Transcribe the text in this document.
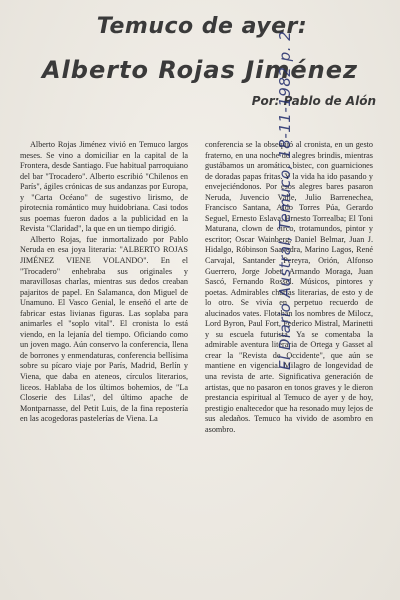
Temuco de ayer:
Alberto Rojas Jiménez
Por: Pablo de Alón

Alberto Rojas Jiménez vivió en Temuco largos meses. Se vino a domiciliar en la capital de la Frontera, desde Santiago. Fue habitual parroquiano del bar "Trocadero". Alberto escribió "Chilenos en París", ágiles crónicas de sus andanzas por Europa, y "Carta Océano" de sugestivo lirismo, de pirotecnia romántico muy huidobriana. Casi todos sus poemas fueron dados a la publicidad en la Revista "Claridad", la que en un tiempo dirigió.

Alberto Rojas, fue inmortalizado por Pablo Neruda en esa joya literaria: "ALBERTO ROJAS JIMÉNEZ VIENE VOLANDO". En el "Trocadero" enhebraba sus originales y maravillosas charlas, mientras sus dedos creaban pajaritos de papel. En Salamanca, don Miguel de Unamuno. El Vasco Genial, le enseñó el arte de fabricar estas livianas figuras. Las soplaba para animarles el "soplo vital". El cronista lo está viendo, en la lejanía del tiempo. Oficiando como un joven mago. Aún conservo la conferencia, llena de borrones y enmendaturas, conferencia bellísima sobre su pícaro viaje por París, Madrid, Berlín y Viena, que daba en ateneos, círculos literarios, liceos. Hablaba de los últimos bohemios, de "La Closerie des Lilas", del último apache de Montparnasse, del Petit Luis, de la fina repostería en las acogedoras pastelerías de Viena. La

conferencia se la obsequió al cronista, en un gesto fraterno, en una noche de alegres brindis, mientras gustábamos un aromático bistec, con guarniciones de doradas papas fritas. Y la vida ha ido pasando y envejeciéndonos. Por esos alegres bares pasaron Neruda, Juvencio Valle, Julio Barrenechea, Francisco Santana, Aldo Torres Púa, Gerardo Seguel, Ernesto Eslava, Ernesto Torrealba; El Toni Maturana, clown de circo, trotamundos, pintor y escritor; Oscar Wainberg, Daniel Belmar, Juan J. Hidalgo, Róbinson Saavedra, Marino Lagos, René Carvajal, Santander Pereyra, Orión, Alfonso Guerrero, Jorge Jobet, Armando Moraga, Juan Sascó, Fernando Rossel. Músicos, pintores y poetas. Admirables charlas literarias, de esto y de lo otro. Se vivía en perpetuo recuerdo de alucinados vates. Flotaban los nombres de Milocz, Lord Byron, Paul Fort, Federico Mistral, Marinetti y su escuela futurista. Ya se comentaba la admirable aventura literaria de Ortega y Gasset al crear la "Revista de Occidente", que aún se mantiene en vigencia. Milagro de longevidad de una revista de arte. Significativa generación de artistas, que no pasaron en tonos graves y le dieron prestancia espiritual al Temuco de ayer y de hoy, prestigio enaltecedor que ha resonado muy lejos de sus aledaños. Temuco ha vivido de asombro en asombro.

El Diario Austral, Temuco, 18-11-1982 p. 2
